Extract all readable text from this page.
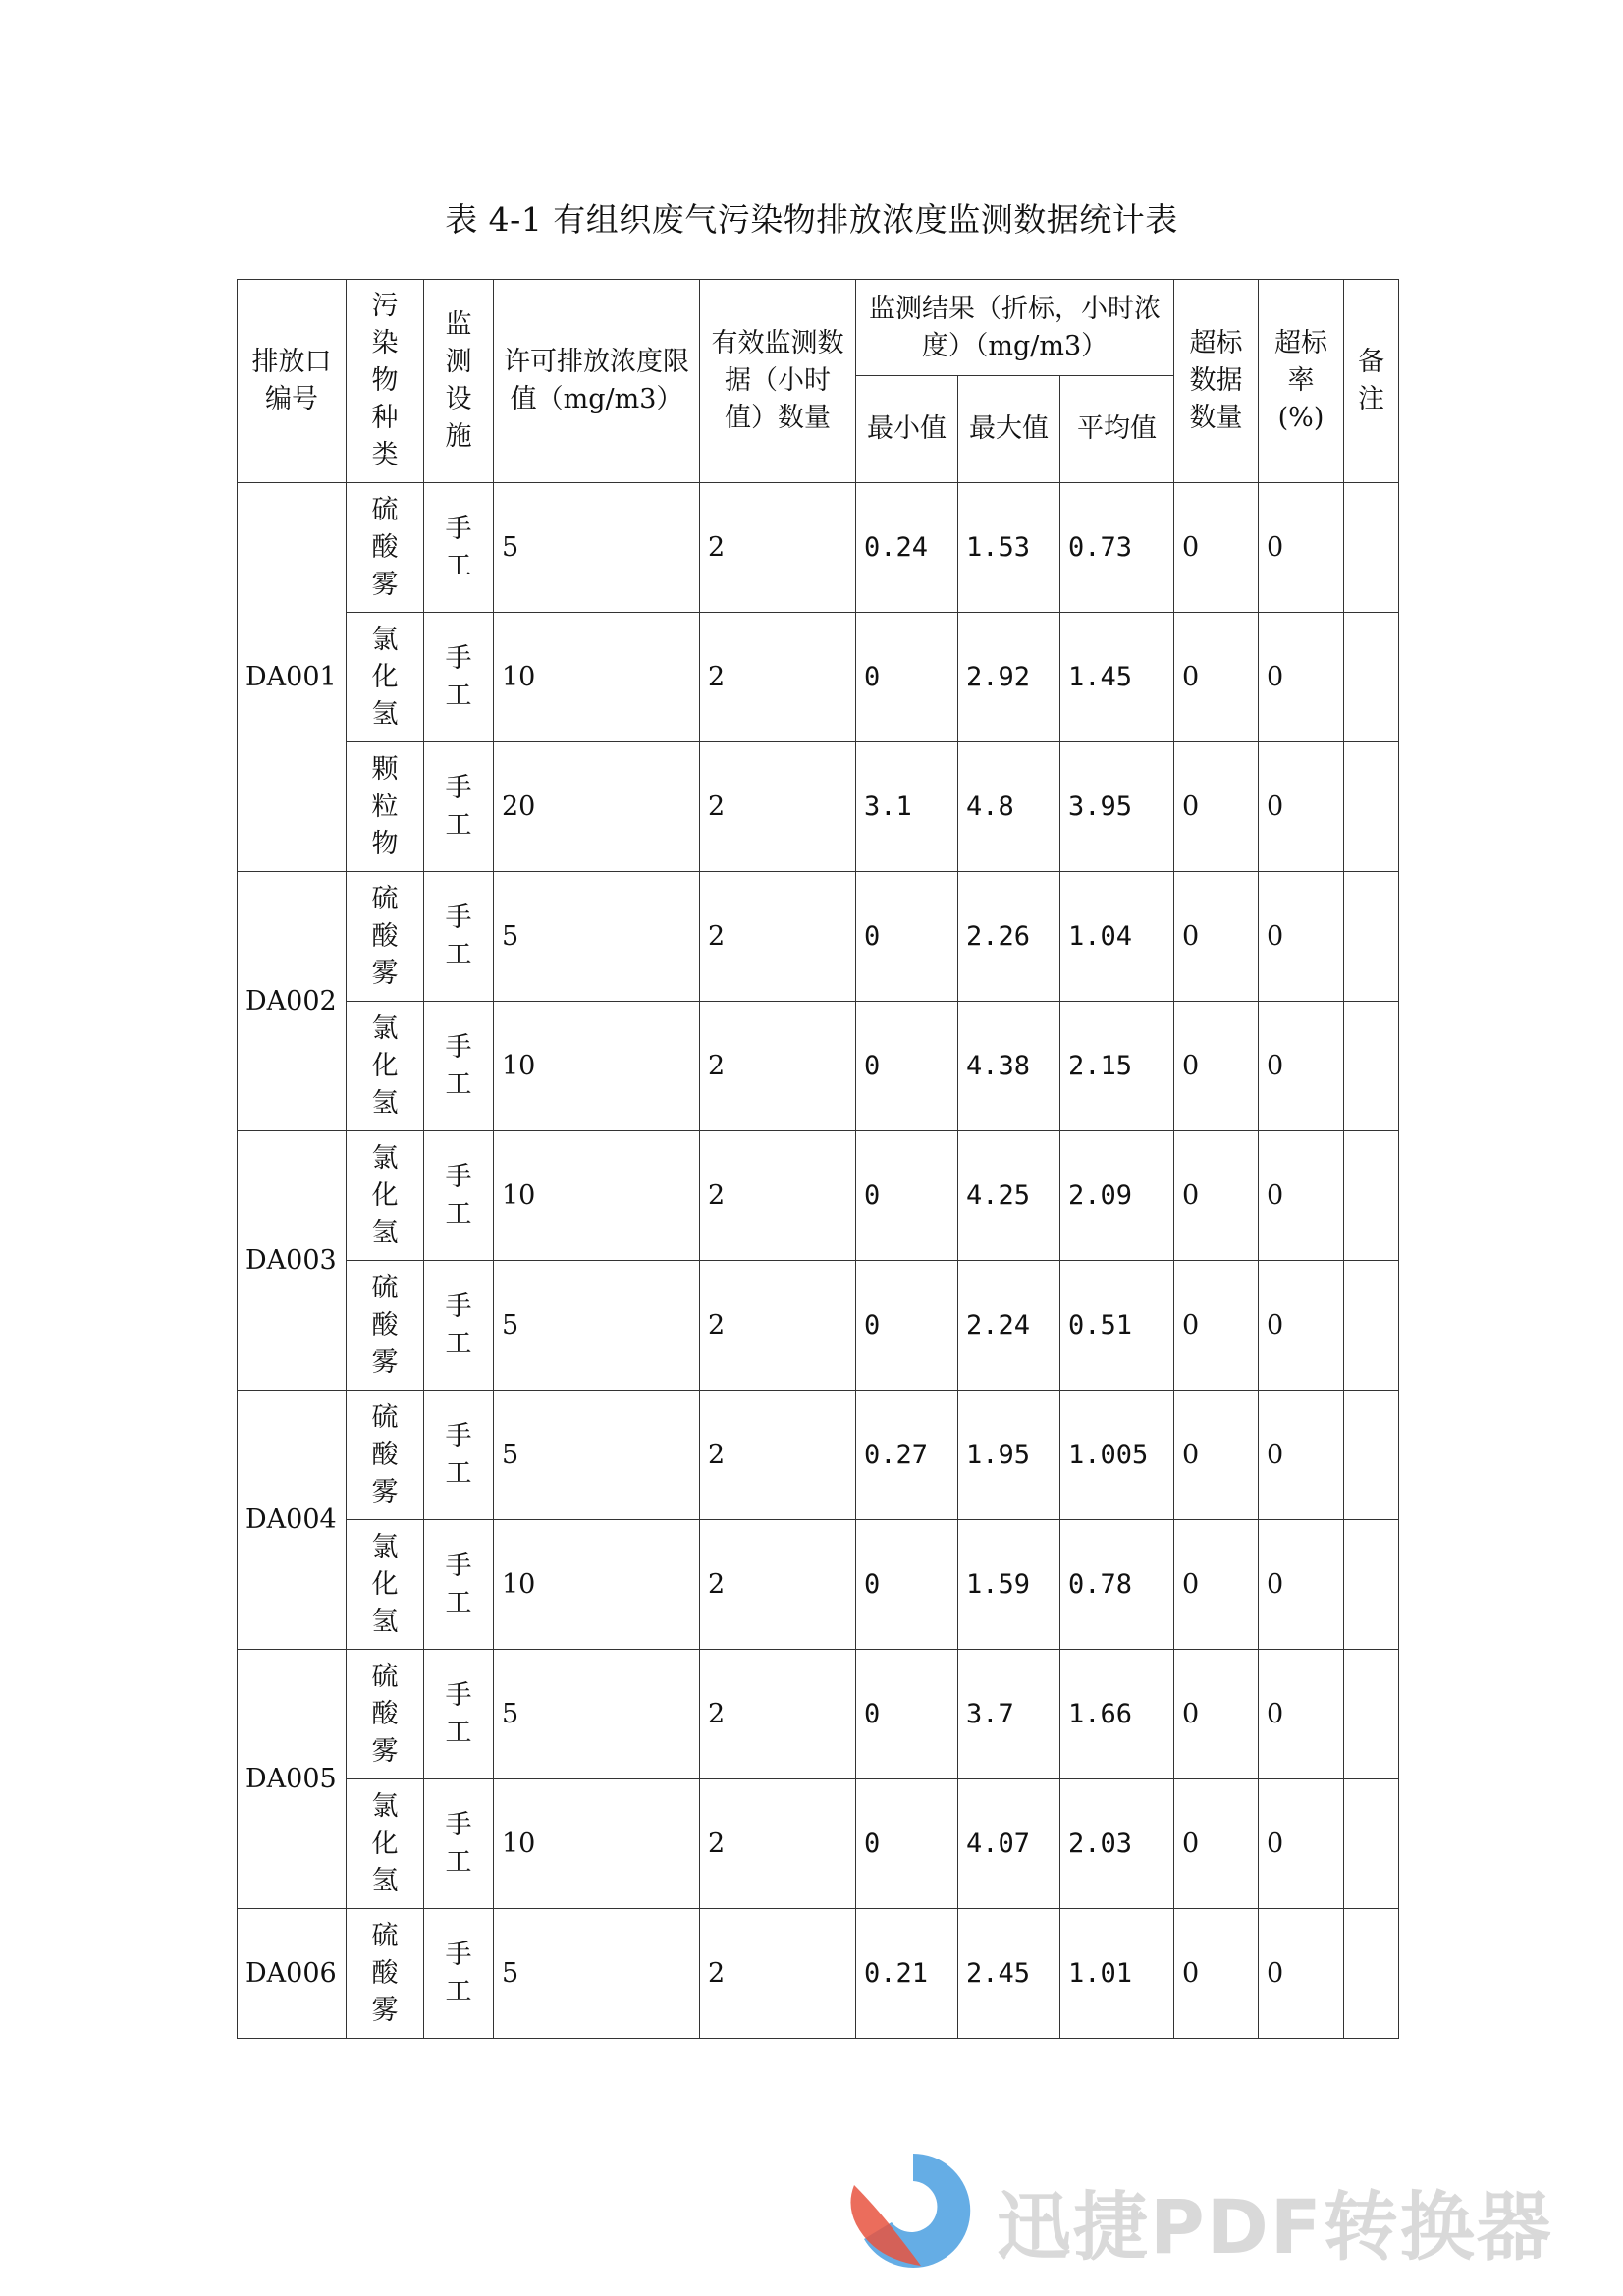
表 4-1 有组织废气污染物排放浓度监测数据统计表
排放口编号	污染物种类	监测设施	许可排放浓度限值（mg/m3）	有效监测数据（小时值）数量	监测结果（折标，小时浓度）（mg/m3）			超标数据数量	超标率(%)	备注
					最小值	最大值	平均值			
DA001	硫酸雾	手工	5	2	0.24	1.53	0.73	0	0	
	氯化氢	手工	10	2	0	2.92	1.45	0	0	
	颗粒物	手工	20	2	3.1	4.8	3.95	0	0	
DA002	硫酸雾	手工	5	2	0	2.26	1.04	0	0	
	氯化氢	手工	10	2	0	4.38	2.15	0	0	
DA003	氯化氢	手工	10	2	0	4.25	2.09	0	0	
	硫酸雾	手工	5	2	0	2.24	0.51	0	0	
DA004	硫酸雾	手工	5	2	0.27	1.95	1.005	0	0	
	氯化氢	手工	10	2	0	1.59	0.78	0	0	
DA005	硫酸雾	手工	5	2	0	3.7	1.66	0	0	
	氯化氢	手工	10	2	0	4.07	2.03	0	0	
DA006	硫酸雾	手工	5	2	0.21	2.45	1.01	0	0	
迅捷PDF转换器
